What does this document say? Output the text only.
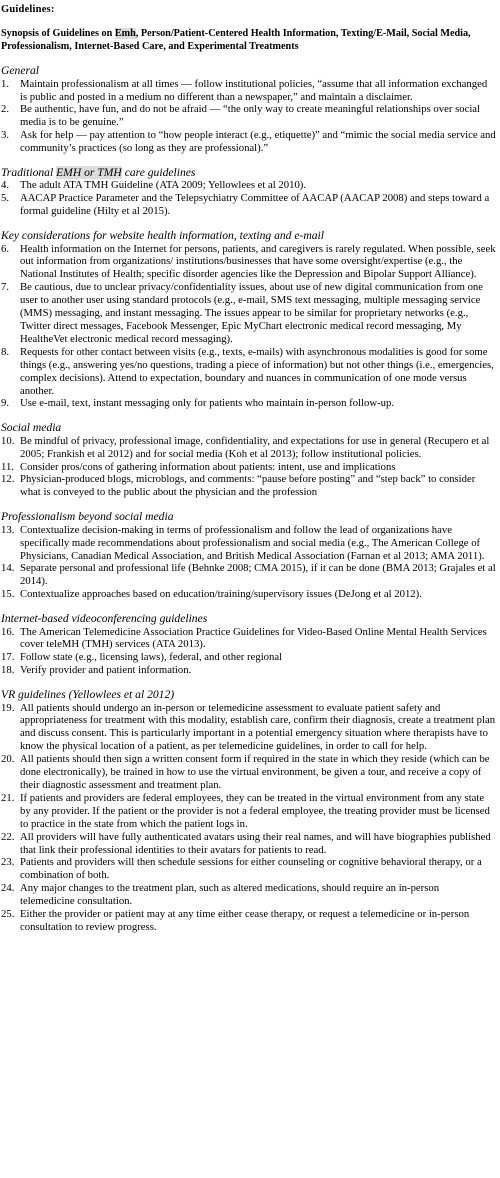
Guidelines:

Synopsis of Guidelines on Emh, Person/Patient-Centered Health Information, Texting/E-Mail, Social Media, Professionalism, Internet-Based Care, and Experimental Treatments

General

1.	Maintain professionalism at all times — follow institutional policies, “assume that all information exchanged is public and posted in a medium no different than a newspaper,” and maintain a disclaimer.
2.	Be authentic, have fun, and do not be afraid — “the only way to create meaningful relationships over social media is to be genuine.”
3.	Ask for help — pay attention to “how people interact (e.g., etiquette)” and “mimic the social media service and community’s practices (so long as they are professional).”

Traditional EMH or TMH care guidelines

4.	The adult ATA TMH Guideline (ATA 2009; Yellowlees et al 2010).
5.	AACAP Practice Parameter and the Telepsychiatry Committee of AACAP (AACAP 2008) and steps toward a formal guideline (Hilty et al 2015).

Key considerations for website health information, texting and e-mail

6.	Health information on the Internet for persons, patients, and caregivers is rarely regulated. When possible, seek out information from organizations/ institutions/businesses that have some oversight/expertise (e.g., the National Institutes of Health; specific disorder agencies like the Depression and Bipolar Support Alliance).
7.	Be cautious, due to unclear privacy/confidentiality issues, about use of new digital communication from one user to another user using standard protocols (e.g., e-mail, SMS text messaging, multiple messaging service (MMS) messaging, and instant messaging. The issues appear to be similar for proprietary networks (e.g., Twitter direct messages, Facebook Messenger, Epic MyChart electronic medical record messaging, My HealtheVet electronic medical record messaging).
8.	Requests for other contact between visits (e.g., texts, e-mails) with asynchronous modalities is good for some things (e.g., answering yes/no questions, trading a piece of information) but not other things (i.e., emergencies, complex decisions). Attend to expectation, boundary and nuances in communication of one mode versus another.
9.	Use e-mail, text, instant messaging only for patients who maintain in-person follow-up.

Social media

10. Be mindful of privacy, professional image, confidentiality, and expectations for use in general (Recupero et al 2005; Frankish et al 2012) and for social media (Koh et al 2013); follow institutional policies.
11. Consider pros/cons of gathering information about patients: intent, use and implications
12. Physician-produced blogs, microblogs, and comments: “pause before posting” and “step back” to consider what is conveyed to the public about the physician and the profession

Professionalism beyond social media

13. Contextualize decision-making in terms of professionalism and follow the lead of organizations have specifically made recommendations about professionalism and social media (e.g., The American College of Physicians, Canadian Medical Association, and British Medical Association (Farnan et al 2013; AMA 2011).
14. Separate personal and professional life (Behnke 2008; CMA 2015), if it can be done (BMA 2013; Grajales et al 2014).
15. Contextualize approaches based on education/training/supervisory issues (DeJong et al 2012).

Internet-based videoconferencing guidelines

16. The American Telemedicine Association Practice Guidelines for Video-Based Online Mental Health Services cover teleMH (TMH) services (ATA 2013).
17. Follow state (e.g., licensing laws), federal, and other regional
18. Verify provider and patient information.

VR guidelines (Yellowlees et al 2012)

19. All patients should undergo an in-person or telemedicine assessment to evaluate patient safety and appropriateness for treatment with this modality, establish care, confirm their diagnosis, create a treatment plan and discuss consent. This is particularly important in a potential emergency situation where therapists have to know the physical location of a patient, as per telemedicine guidelines, in order to call for help.
20. All patients should then sign a written consent form if required in the state in which they reside (which can be done electronically), be trained in how to use the virtual environment, be given a tour, and receive a copy of their diagnostic assessment and treatment plan.
21. If patients and providers are federal employees, they can be treated in the virtual environment from any state by any provider. If the patient or the provider is not a federal employee, the treating provider must be licensed to practice in the state from which the patient logs in.
22. All providers will have fully authenticated avatars using their real names, and will have biographies published that link their professional identities to their avatars for patients to read.
23. Patients and providers will then schedule sessions for either counseling or cognitive behavioral therapy, or a combination of both.
24. Any major changes to the treatment plan, such as altered medications, should require an in-person telemedicine consultation.
25. Either the provider or patient may at any time either cease therapy, or request a telemedicine or in-person consultation to review progress.
